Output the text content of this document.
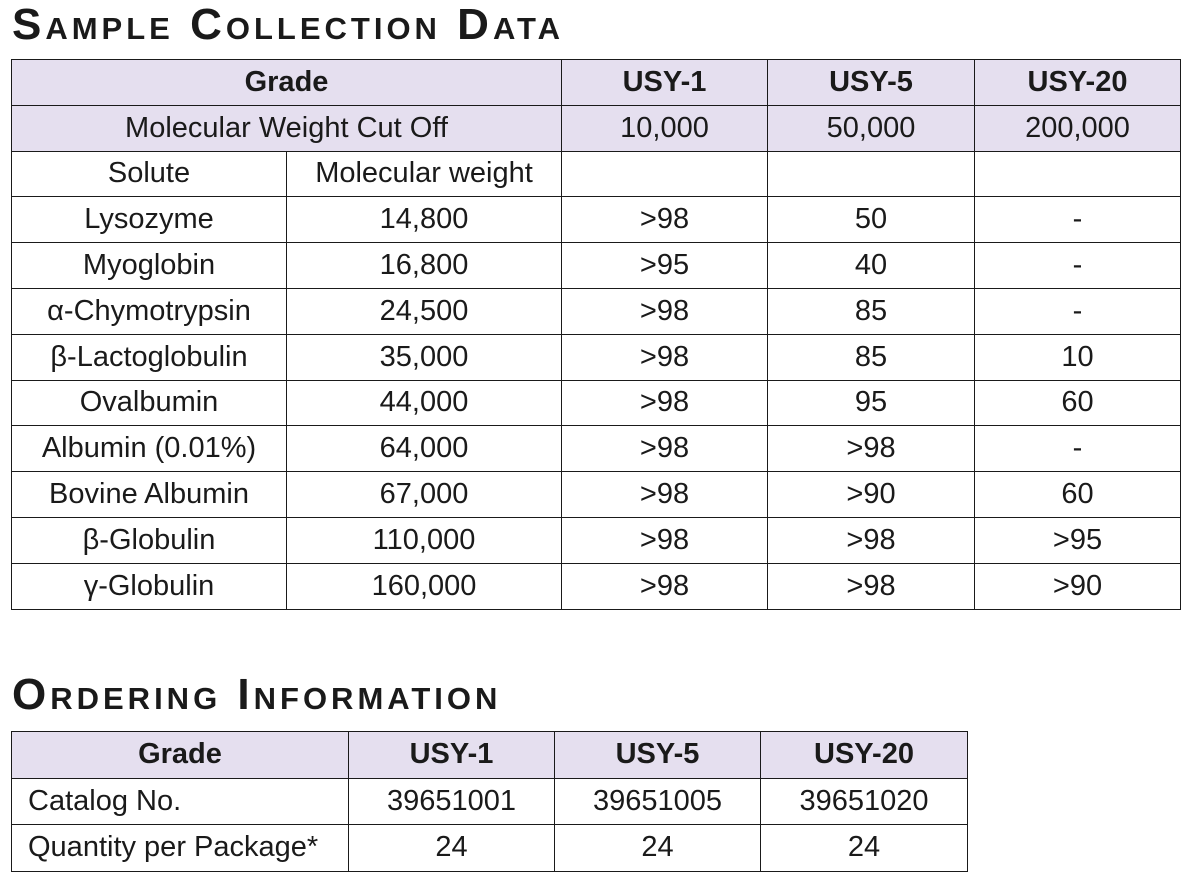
Sample Collection Data
Grade		USY-1	USY-5	USY-20
Molecular Weight Cut Off		10,000	50,000	200,000
Solute	Molecular weight			
Lysozyme	14,800	>98	50	-
Myoglobin	16,800	>95	40	-
α-Chymotrypsin	24,500	>98	85	-
β-Lactoglobulin	35,000	>98	85	10
Ovalbumin	44,000	>98	95	60
Albumin (0.01%)	64,000	>98	>98	-
Bovine Albumin	67,000	>98	>90	60
β-Globulin	110,000	>98	>98	>95
γ-Globulin	160,000	>98	>98	>90
Ordering Information
Grade	USY-1	USY-5	USY-20
Catalog No.	39651001	39651005	39651020
Quantity per Package*	24	24	24
